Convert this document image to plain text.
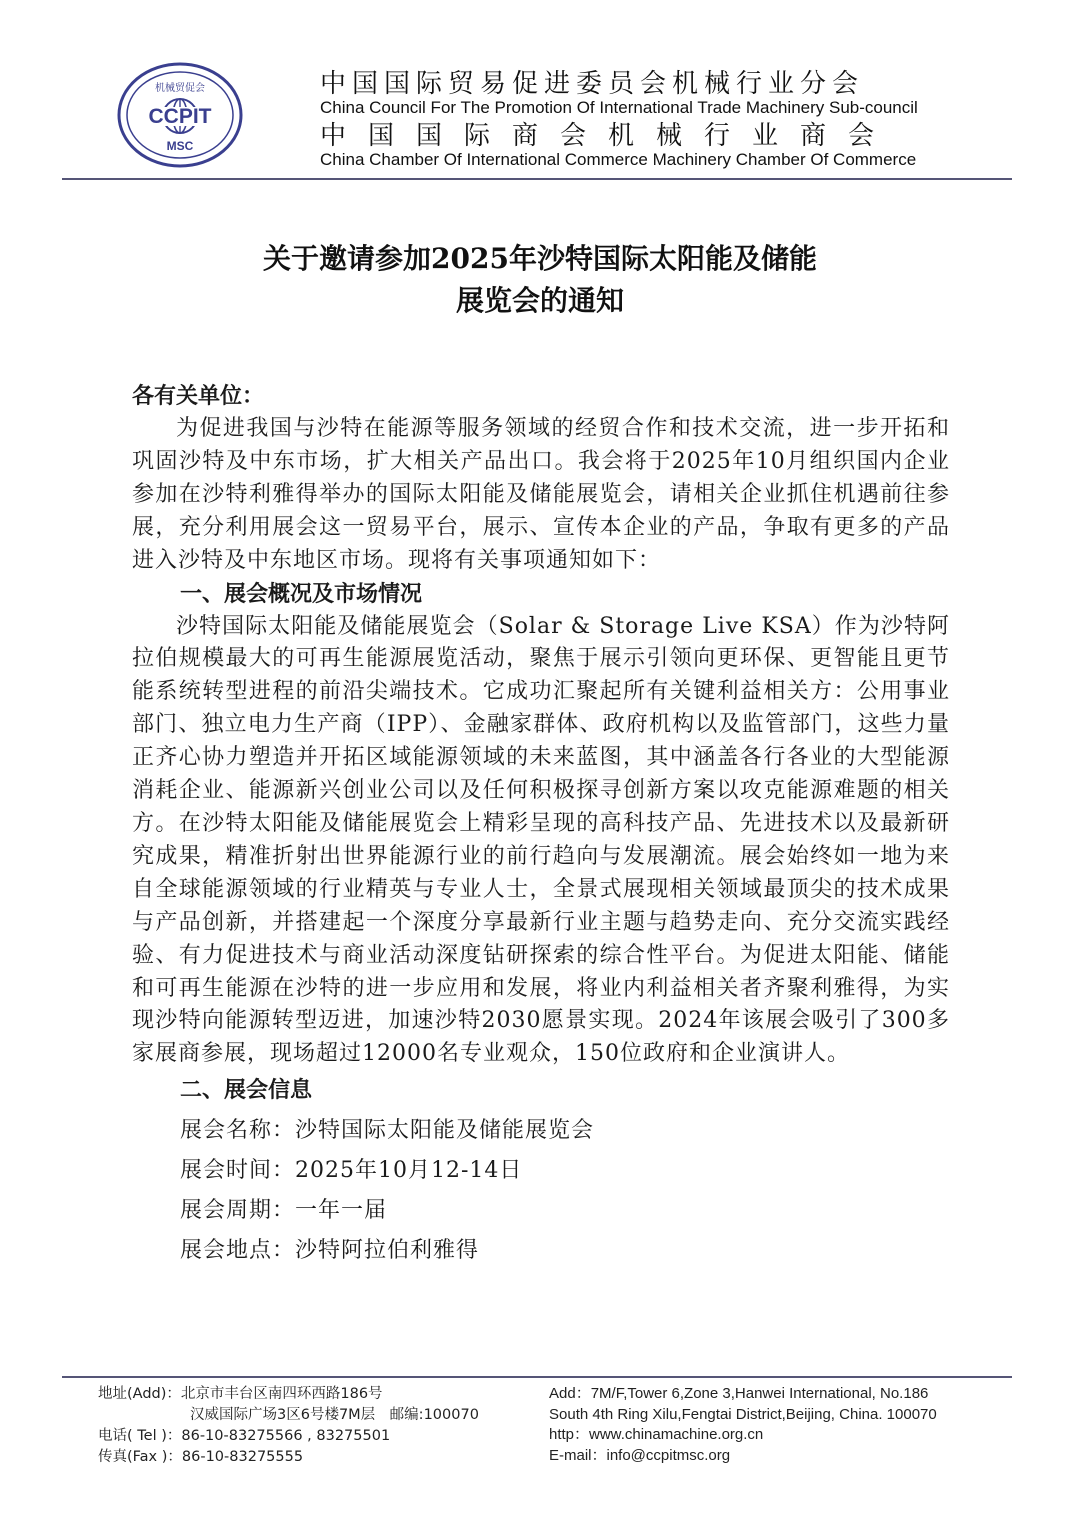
CCPIT
机械贸促会
MSC
中国国际贸易促进委员会机械行业分会
China Council For The Promotion Of International Trade Machinery Sub-council
中国国际商会机械行业商会
China Chamber Of International Commerce Machinery Chamber Of Commerce
关于邀请参加2025年沙特国际太阳能及储能
展览会的通知

各有关单位：

为促进我国与沙特在能源等服务领域的经贸合作和技术交流，进一步开拓和巩固沙特及中东市场，扩大相关产品出口。我会将于2025年10月组织国内企业参加在沙特利雅得举办的国际太阳能及储能展览会，请相关企业抓住机遇前往参展，充分利用展会这一贸易平台，展示、宣传本企业的产品，争取有更多的产品进入沙特及中东地区市场。现将有关事项通知如下：

一、展会概况及市场情况

沙特国际太阳能及储能展览会（Solar & Storage Live KSA）作为沙特阿拉伯规模最大的可再生能源展览活动，聚焦于展示引领向更环保、更智能且更节能系统转型进程的前沿尖端技术。它成功汇聚起所有关键利益相关方：公用事业部门、独立电力生产商（IPP）、金融家群体、政府机构以及监管部门，这些力量正齐心协力塑造并开拓区域能源领域的未来蓝图，其中涵盖各行各业的大型能源消耗企业、能源新兴创业公司以及任何积极探寻创新方案以攻克能源难题的相关方。在沙特太阳能及储能展览会上精彩呈现的高科技产品、先进技术以及最新研究成果，精准折射出世界能源行业的前行趋向与发展潮流。展会始终如一地为来自全球能源领域的行业精英与专业人士，全景式展现相关领域最顶尖的技术成果与产品创新，并搭建起一个深度分享最新行业主题与趋势走向、充分交流实践经验、有力促进技术与商业活动深度钻研探索的综合性平台。为促进太阳能、储能和可再生能源在沙特的进一步应用和发展，将业内利益相关者齐聚利雅得，为实现沙特向能源转型迈进，加速沙特2030愿景实现。2024年该展会吸引了300多家展商参展，现场超过12000名专业观众，150位政府和企业演讲人。

二、展会信息

展会名称：沙特国际太阳能及储能展览会

展会时间：2025年10月12-14日

展会周期：一年一届

展会地点：沙特阿拉伯利雅得

地址(Add)：北京市丰台区南四环西路186号
汉威国际广场3区6号楼7M层　邮编:100070
电话( Tel )：86-10-83275566 , 83275501
传真(Fax )：86-10-83275555
Add：7M/F,Tower 6,Zone 3,Hanwei International, No.186
South 4th Ring Xilu,Fengtai District,Beijing, China. 100070
http：www.chinamachine.org.cn
E-mail：info@ccpitmsc.org
